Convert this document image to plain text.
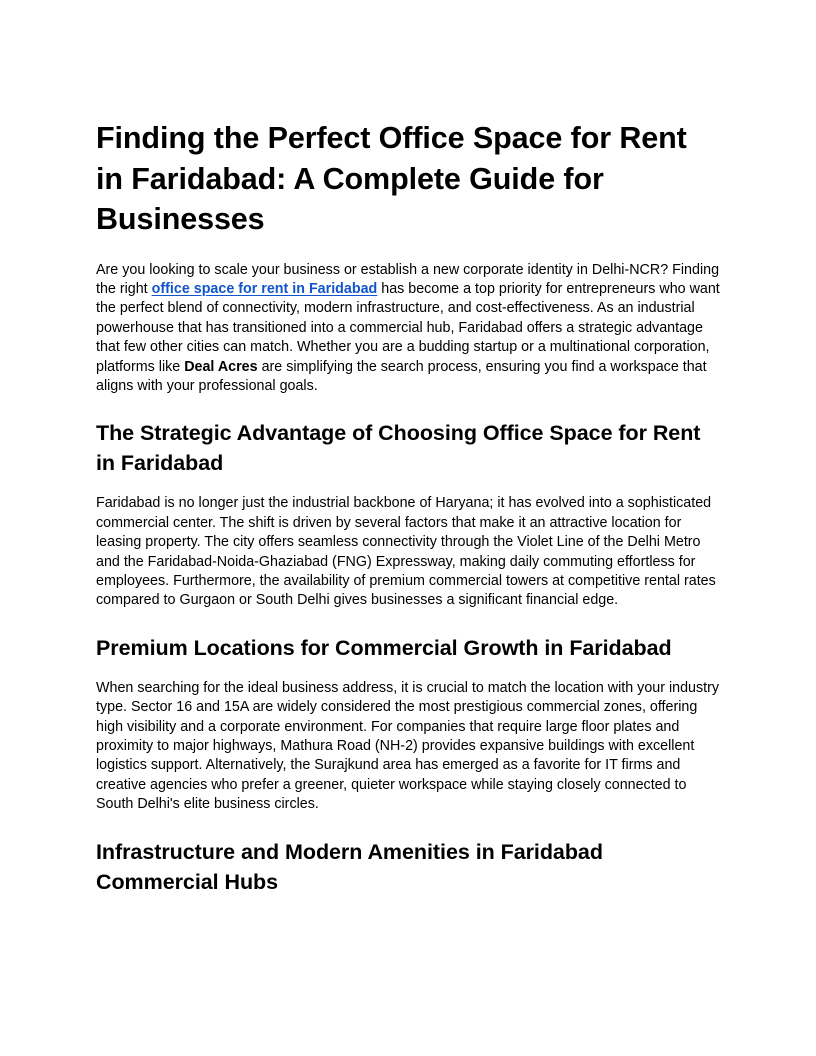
Finding the Perfect Office Space for Rent in Faridabad: A Complete Guide for Businesses

Are you looking to scale your business or establish a new corporate identity in Delhi-NCR? Finding the right office space for rent in Faridabad has become a top priority for entrepreneurs who want the perfect blend of connectivity, modern infrastructure, and cost-effectiveness. As an industrial powerhouse that has transitioned into a commercial hub, Faridabad offers a strategic advantage that few other cities can match. Whether you are a budding startup or a multinational corporation, platforms like Deal Acres are simplifying the search process, ensuring you find a workspace that aligns with your professional goals.

The Strategic Advantage of Choosing Office Space for Rent in Faridabad

Faridabad is no longer just the industrial backbone of Haryana; it has evolved into a sophisticated commercial center. The shift is driven by several factors that make it an attractive location for leasing property. The city offers seamless connectivity through the Violet Line of the Delhi Metro and the Faridabad-Noida-Ghaziabad (FNG) Expressway, making daily commuting effortless for employees. Furthermore, the availability of premium commercial towers at competitive rental rates compared to Gurgaon or South Delhi gives businesses a significant financial edge.

Premium Locations for Commercial Growth in Faridabad

When searching for the ideal business address, it is crucial to match the location with your industry type. Sector 16 and 15A are widely considered the most prestigious commercial zones, offering high visibility and a corporate environment. For companies that require large floor plates and proximity to major highways, Mathura Road (NH-2) provides expansive buildings with excellent logistics support. Alternatively, the Surajkund area has emerged as a favorite for IT firms and creative agencies who prefer a greener, quieter workspace while staying closely connected to South Delhi's elite business circles.

Infrastructure and Modern Amenities in Faridabad Commercial Hubs
